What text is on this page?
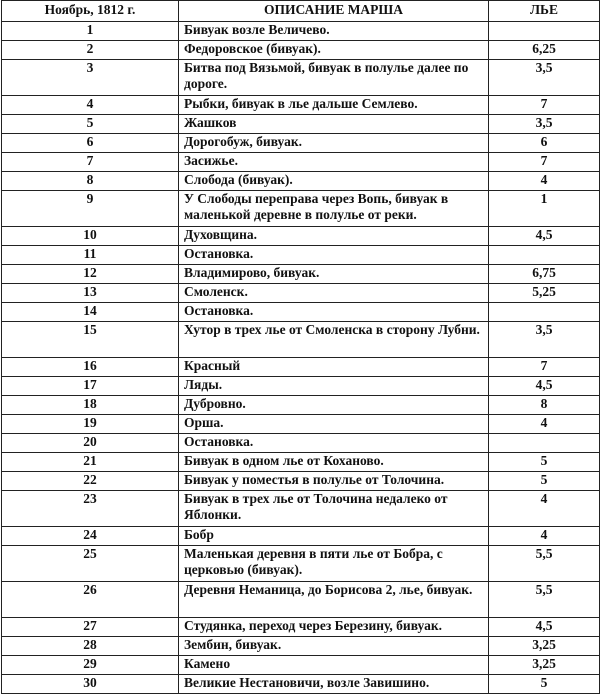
Ноябрь, 1812 г.	ОПИСАНИЕ МАРША	ЛЬЕ
1	Бивуак возле Величево.	
2	Федоровское (бивуак).	6,25
3	Битва под Вязьмой, бивуак в полулье далее по дороге.	3,5
4	Рыбки, бивуак в лье дальше Семлево.	7
5	Жашков	3,5
6	Дорогобуж, бивуак.	6
7	Засижье.	7
8	Слобода (бивуак).	4
9	У Слободы переправа через Вопь, бивуак в маленькой деревне в полулье от реки.	1
10	Духовщина.	4,5
11	Остановка.	
12	Владимирово, бивуак.	6,75
13	Смоленск.	5,25
14	Остановка.	
15	Хутор в трех лье от Смоленска в сторону Лубни.	3,5
16	Красный	7
17	Ляды.	4,5
18	Дубровно.	8
19	Орша.	4
20	Остановка.	
21	Бивуак в одном лье от Коханово.	5
22	Бивуак у поместья в полулье от Толочина.	5
23	Бивуак в трех лье от Толочина недалеко от Яблонки.	4
24	Бобр	4
25	Маленькая деревня в пяти лье от Бобра, с церковью (бивуак).	5,5
26	Деревня Неманица, до Борисова 2, лье, бивуак.	5,5
27	Студянка, переход через Березину, бивуак.	4,5
28	Зембин, бивуак.	3,25
29	Камено	3,25
30	Великие Нестановичи, возле Завишино.	5
